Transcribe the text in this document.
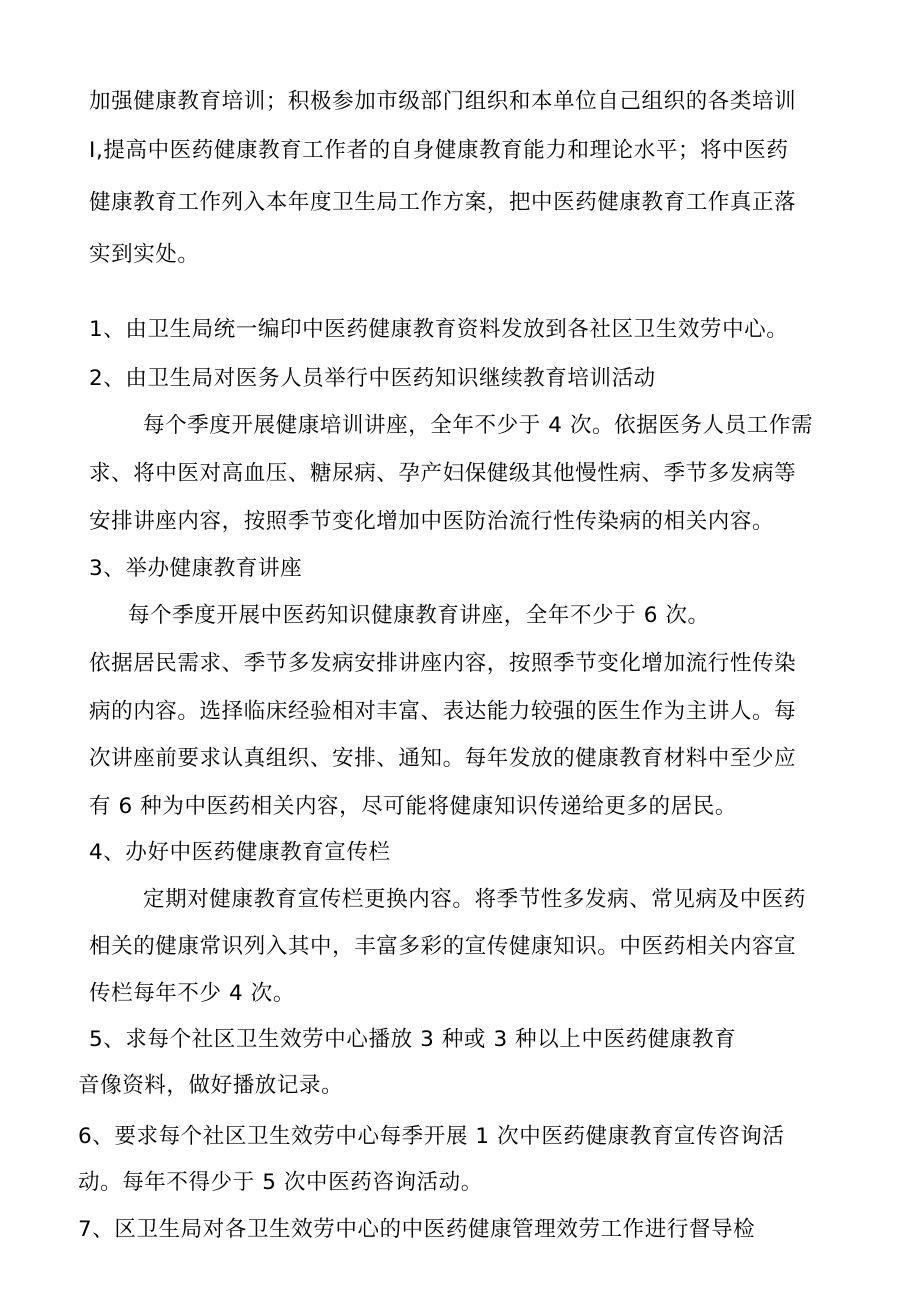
加强健康教育培训；积极参加市级部门组织和本单位自己组织的各类培训
I,提高中医药健康教育工作者的自身健康教育能力和理论水平；将中医药
健康教育工作列入本年度卫生局工作方案，把中医药健康教育工作真正落
实到实处。
1、由卫生局统一编印中医药健康教育资料发放到各社区卫生效劳中心。
2、由卫生局对医务人员举行中医药知识继续教育培训活动
每个季度开展健康培训讲座，全年不少于 4 次。依据医务人员工作需
求、将中医对高血压、糖尿病、孕产妇保健级其他慢性病、季节多发病等
安排讲座内容，按照季节变化增加中医防治流行性传染病的相关内容。
3、举办健康教育讲座
每个季度开展中医药知识健康教育讲座，全年不少于 6 次。
依据居民需求、季节多发病安排讲座内容，按照季节变化增加流行性传染
病的内容。选择临床经验相对丰富、表达能力较强的医生作为主讲人。每
次讲座前要求认真组织、安排、通知。每年发放的健康教育材料中至少应
有 6 种为中医药相关内容，尽可能将健康知识传递给更多的居民。
4、办好中医药健康教育宣传栏
定期对健康教育宣传栏更换内容。将季节性多发病、常见病及中医药
相关的健康常识列入其中，丰富多彩的宣传健康知识。中医药相关内容宣
传栏每年不少 4 次。
5、求每个社区卫生效劳中心播放 3 种或 3 种以上中医药健康教育
音像资料，做好播放记录。
6、要求每个社区卫生效劳中心每季开展 1 次中医药健康教育宣传咨询活
动。每年不得少于 5 次中医药咨询活动。
7、区卫生局对各卫生效劳中心的中医药健康管理效劳工作进行督导检
